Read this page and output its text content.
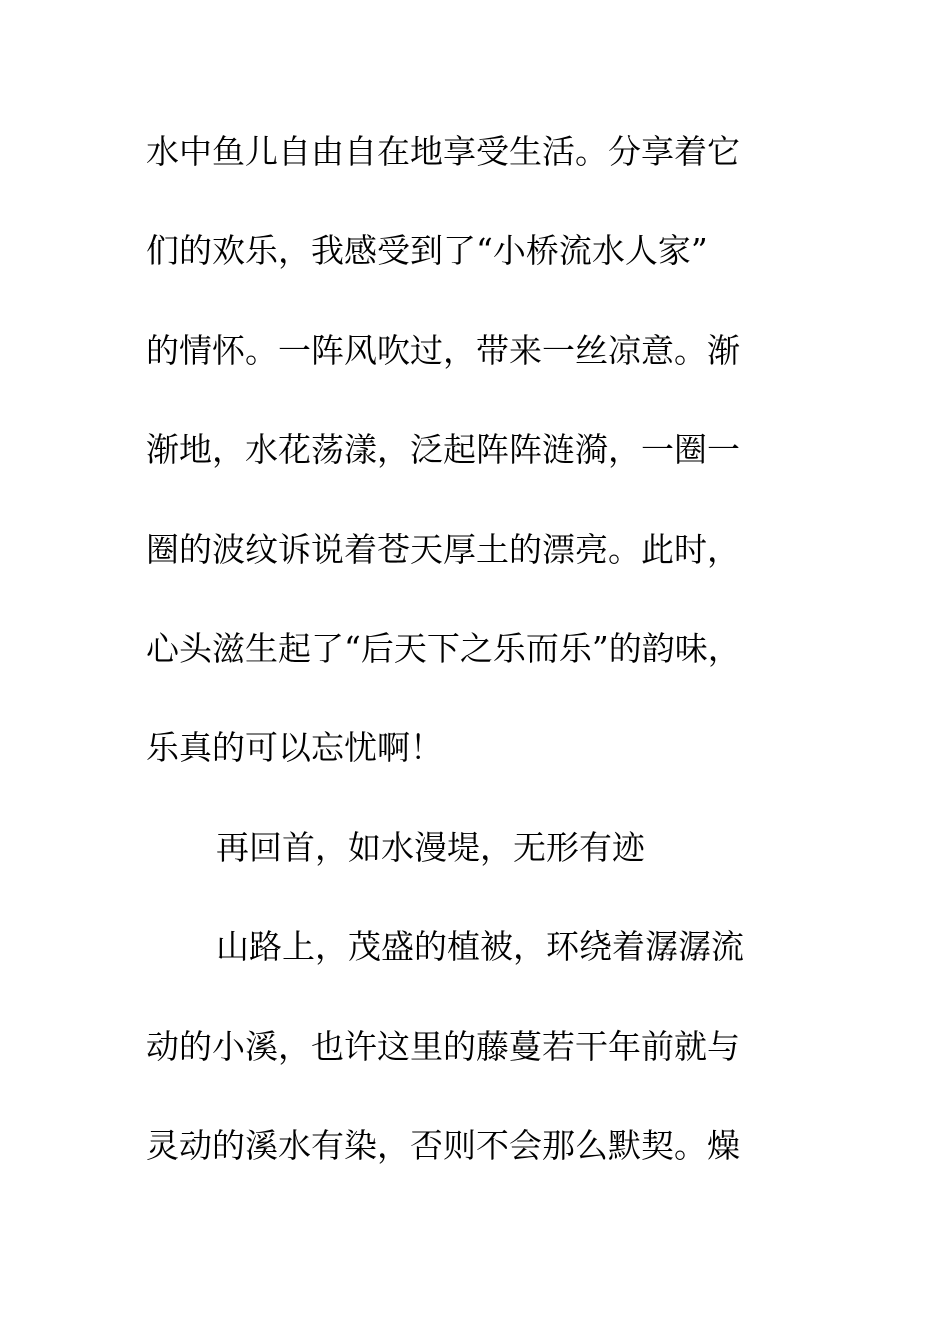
水中鱼儿自由自在地享受生活。分享着它
们的欢乐，我感受到了“小桥流水人家”
的情怀。一阵风吹过，带来一丝凉意。渐
渐地，水花荡漾，泛起阵阵涟漪，一圈一
圈的波纹诉说着苍天厚土的漂亮。此时，
心头滋生起了“后天下之乐而乐”的韵味，
乐真的可以忘忧啊！
再回首，如水漫堤，无形有迹
山路上，茂盛的植被，环绕着潺潺流
动的小溪，也许这里的藤蔓若干年前就与
灵动的溪水有染，否则不会那么默契。燥
